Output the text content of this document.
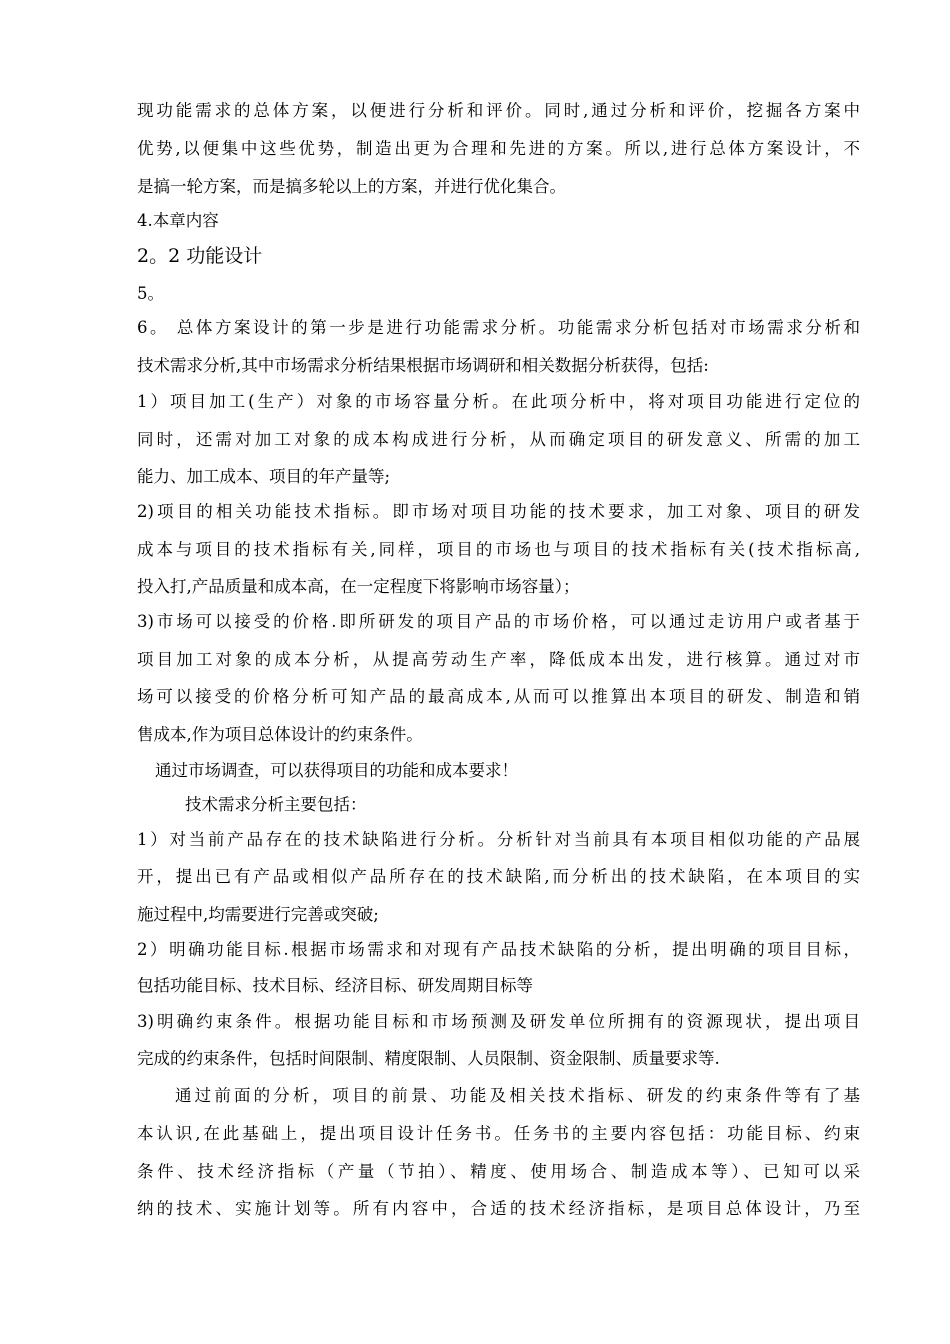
现功能需求的总体方案，以便进行分析和评价。同时,通过分析和评价，挖掘各方案中
优势,以便集中这些优势，制造出更为合理和先进的方案。所以,进行总体方案设计，不
是搞一轮方案，而是搞多轮以上的方案，并进行优化集合。
4.本章内容
2。2 功能设计
5。
6。 总体方案设计的第一步是进行功能需求分析。功能需求分析包括对市场需求分析和
技术需求分析,其中市场需求分析结果根据市场调研和相关数据分析获得，包括:
1）项目加工(生产）对象的市场容量分析。在此项分析中，将对项目功能进行定位的
同时，还需对加工对象的成本构成进行分析，从而确定项目的研发意义、所需的加工
能力、加工成本、项目的年产量等;
2)项目的相关功能技术指标。即市场对项目功能的技术要求，加工对象、项目的研发
成本与项目的技术指标有关,同样，项目的市场也与项目的技术指标有关(技术指标高,
投入打,产品质量和成本高，在一定程度下将影响市场容量）；
3)市场可以接受的价格.即所研发的项目产品的市场价格，可以通过走访用户或者基于
项目加工对象的成本分析，从提高劳动生产率，降低成本出发，进行核算。通过对市
场可以接受的价格分析可知产品的最高成本,从而可以推算出本项目的研发、制造和销
售成本,作为项目总体设计的约束条件。
通过市场调查，可以获得项目的功能和成本要求！
技术需求分析主要包括：
1）对当前产品存在的技术缺陷进行分析。分析针对当前具有本项目相似功能的产品展
开，提出已有产品或相似产品所存在的技术缺陷,而分析出的技术缺陷，在本项目的实
施过程中,均需要进行完善或突破;
2）明确功能目标.根据市场需求和对现有产品技术缺陷的分析，提出明确的项目目标，
包括功能目标、技术目标、经济目标、研发周期目标等
3)明确约束条件。根据功能目标和市场预测及研发单位所拥有的资源现状，提出项目
完成的约束条件，包括时间限制、精度限制、人员限制、资金限制、质量要求等.
通过前面的分析，项目的前景、功能及相关技术指标、研发的约束条件等有了基
本认识,在此基础上，提出项目设计任务书。任务书的主要内容包括：功能目标、约束
条件、技术经济指标（产量（节拍）、精度、使用场合、制造成本等）、已知可以采
纳的技术、实施计划等。所有内容中，合适的技术经济指标，是项目总体设计，乃至
